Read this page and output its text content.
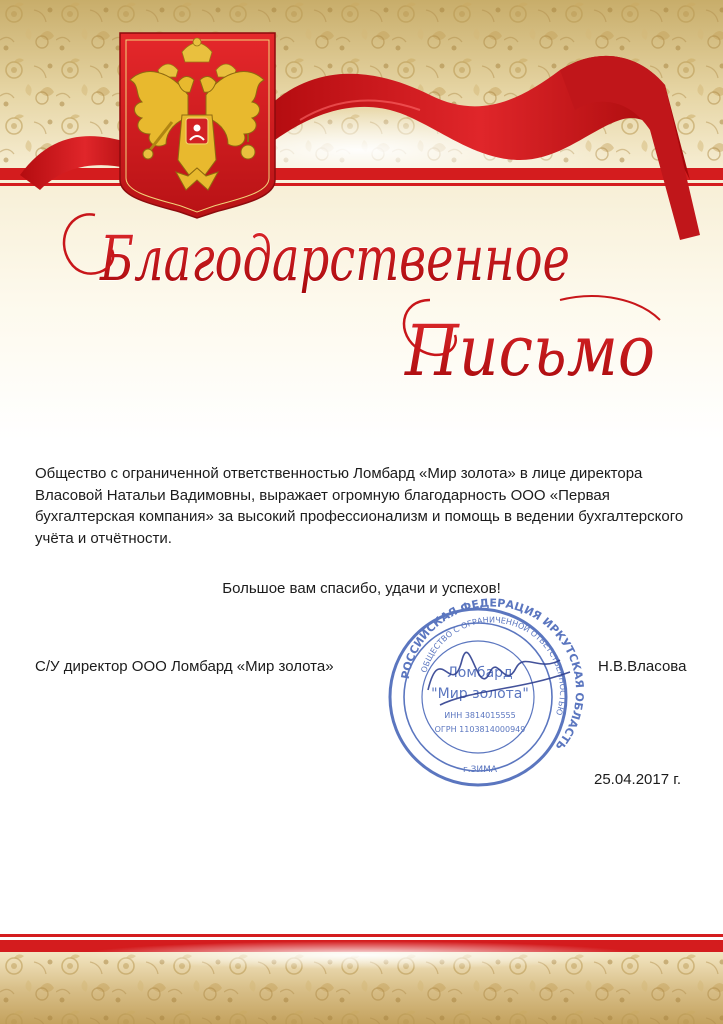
Благодарственное
Письмо
Общество с ограниченной ответственностью Ломбард «Мир золота» в лице директора Власовой Натальи Вадимовны, выражает огромную благодарность ООО «Первая бухгалтерская компания» за высокий профессионализм и помощь в ведении бухгалтерского учёта и отчётности.
Большое вам спасибо, удачи и успехов!
С/У директор ООО Ломбард «Мир золота»	Н.В.Власова
25.04.2017 г.
РОССИЙСКАЯ ФЕДЕРАЦИЯ ИРКУТСКАЯ ОБЛАСТЬ
ОБЩЕСТВО С ОГРАНИЧЕННОЙ ОТВЕТСТВЕННОСТЬЮ
Ломбард
"Мир золота"
ИНН 3814015555
ОГРН 1103814000949
г.ЗИМА
